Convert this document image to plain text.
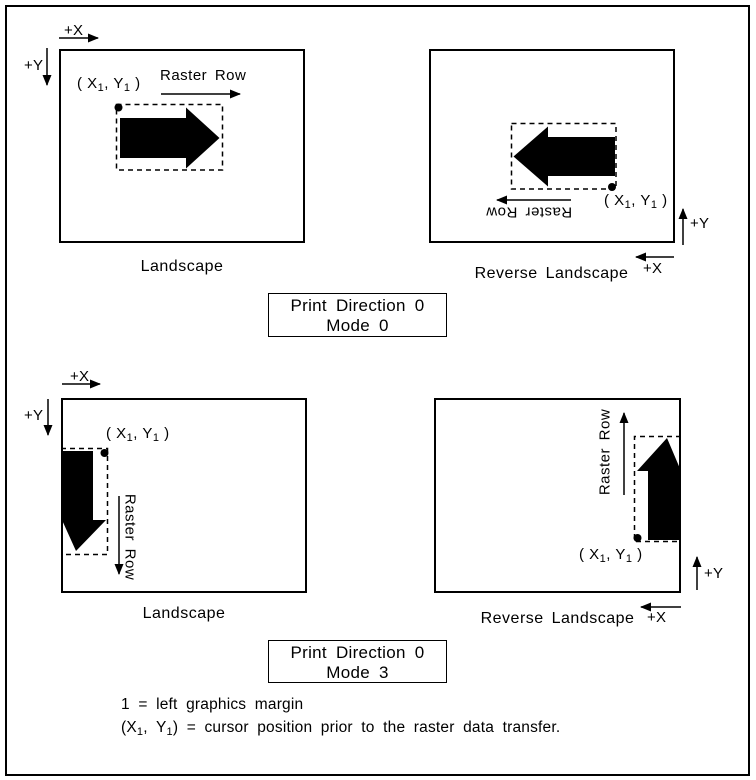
+X
+Y
( $X_1$, $Y_1$ ) Raster Row
Landscape
( $X_1$, $Y_1$ )
Raster Row
+Y
+X
Reverse Landscape
Print Direction 0
Mode 0
+X
+Y
( $X_1$, $Y_1$ )
Raster Row
Landscape
Raster Row
( $X_1$, $Y_1$ )
+Y
+X
Reverse Landscape
Print Direction 0
Mode 3
1 = left graphics margin
($X_1$, $Y_1$) = cursor position prior to the raster data transfer.
